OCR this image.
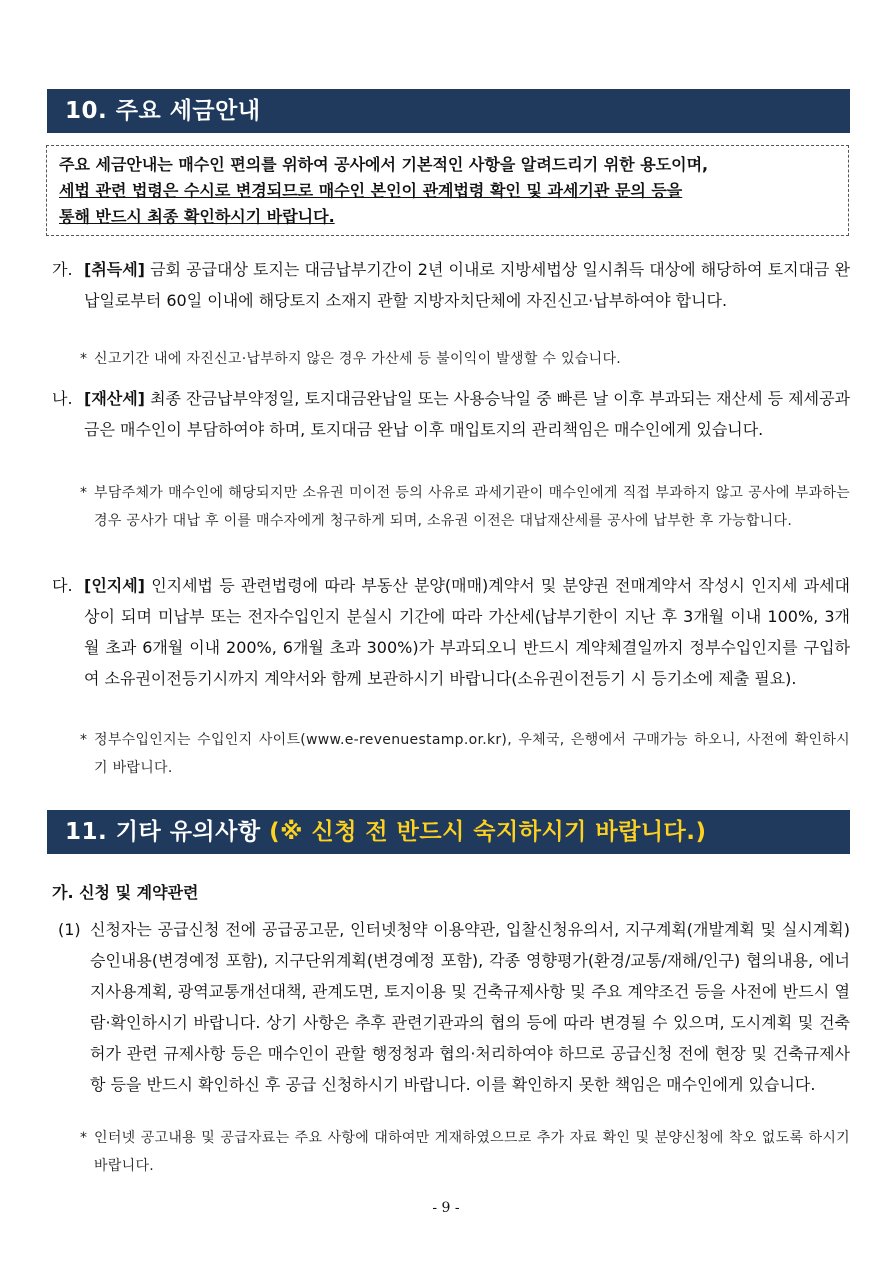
10. 주요 세금안내
주요 세금안내는 매수인 편의를 위하여 공사에서 기본적인 사항을 알려드리기 위한 용도이며,
세법 관련 법령은 수시로 변경되므로 매수인 본인이 관계법령 확인 및 과세기관 문의 등을
통해 반드시 최종 확인하시기 바랍니다.
가. [취득세] 금회 공급대상 토지는 대금납부기간이 2년 이내로 지방세법상 일시취득 대상에 해당하여 토지대금 완납일로부터 60일 이내에 해당토지 소재지 관할 지방자치단체에 자진신고·납부하여야 합니다.
* 신고기간 내에 자진신고·납부하지 않은 경우 가산세 등 불이익이 발생할 수 있습니다.
나. [재산세] 최종 잔금납부약정일, 토지대금완납일 또는 사용승낙일 중 빠른 날 이후 부과되는 재산세 등 제세공과금은 매수인이 부담하여야 하며, 토지대금 완납 이후 매입토지의 관리책임은 매수인에게 있습니다.
* 부담주체가 매수인에 해당되지만 소유권 미이전 등의 사유로 과세기관이 매수인에게 직접 부과하지 않고 공사에 부과하는 경우 공사가 대납 후 이를 매수자에게 청구하게 되며, 소유권 이전은 대납재산세를 공사에 납부한 후 가능합니다.
다. [인지세] 인지세법 등 관련법령에 따라 부동산 분양(매매)계약서 및 분양권 전매계약서 작성시 인지세 과세대상이 되며 미납부 또는 전자수입인지 분실시 기간에 따라 가산세(납부기한이 지난 후 3개월 이내 100%, 3개월 초과 6개월 이내 200%, 6개월 초과 300%)가 부과되오니 반드시 계약체결일까지 정부수입인지를 구입하여 소유권이전등기시까지 계약서와 함께 보관하시기 바랍니다(소유권이전등기 시 등기소에 제출 필요).
* 정부수입인지는 수입인지 사이트(www.e-revenuestamp.or.kr), 우체국, 은행에서 구매가능 하오니, 사전에 확인하시기 바랍니다.
11. 기타 유의사항 (※ 신청 전 반드시 숙지하시기 바랍니다.)
가. 신청 및 계약관련
(1) 신청자는 공급신청 전에 공급공고문, 인터넷청약 이용약관, 입찰신청유의서, 지구계획(개발계획 및 실시계획) 승인내용(변경예정 포함), 지구단위계획(변경예정 포함), 각종 영향평가(환경/교통/재해/인구) 협의내용, 에너지사용계획, 광역교통개선대책, 관계도면, 토지이용 및 건축규제사항 및 주요 계약조건 등을 사전에 반드시 열람·확인하시기 바랍니다. 상기 사항은 추후 관련기관과의 협의 등에 따라 변경될 수 있으며, 도시계획 및 건축허가 관련 규제사항 등은 매수인이 관할 행정청과 협의·처리하여야 하므로 공급신청 전에 현장 및 건축규제사항 등을 반드시 확인하신 후 공급 신청하시기 바랍니다. 이를 확인하지 못한 책임은 매수인에게 있습니다.
* 인터넷 공고내용 및 공급자료는 주요 사항에 대하여만 게재하였으므로 추가 자료 확인 및 분양신청에 착오 없도록 하시기 바랍니다.
- 9 -
